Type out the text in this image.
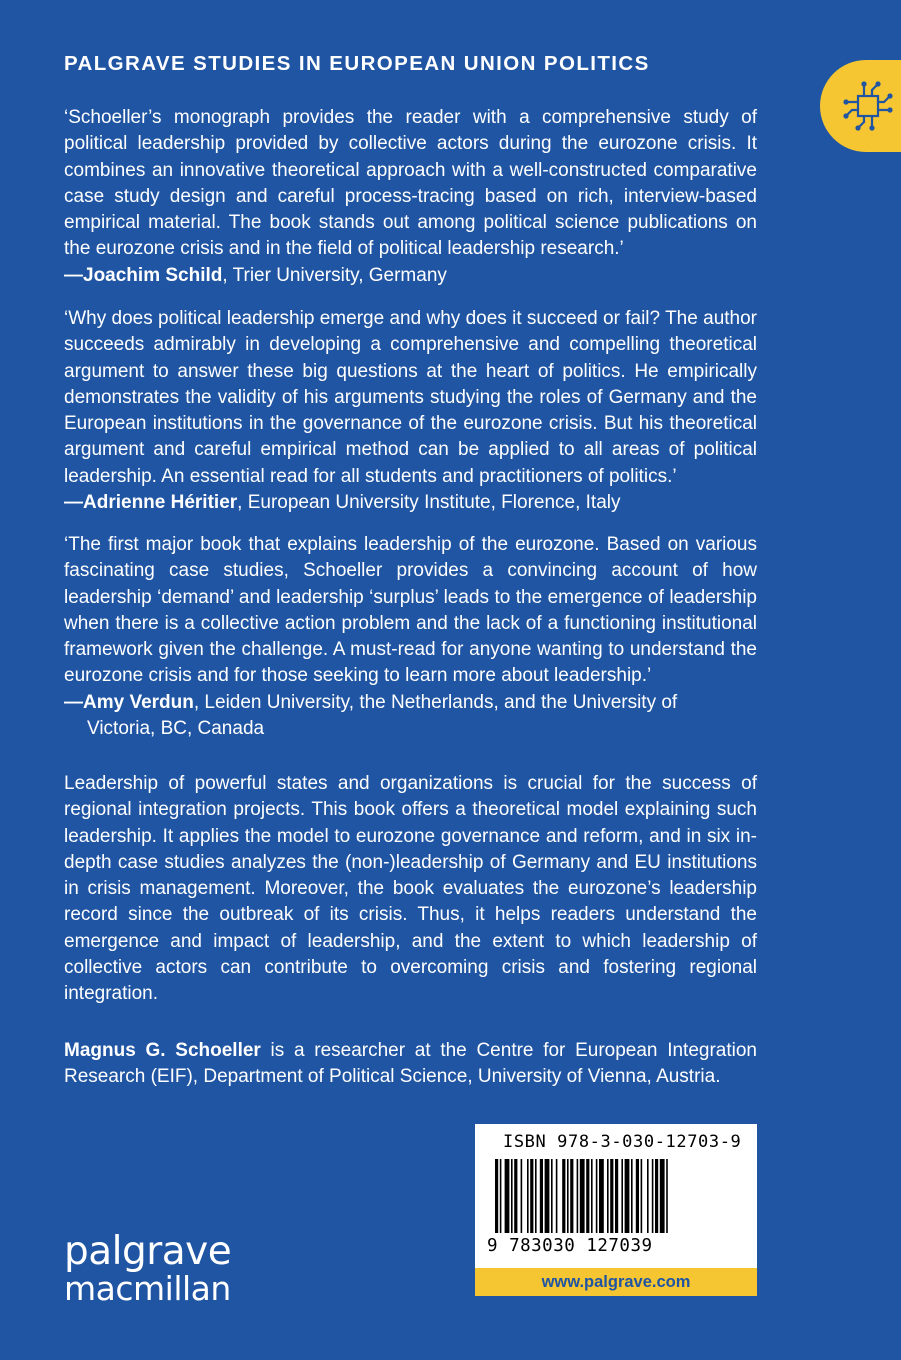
PALGRAVE STUDIES IN EUROPEAN UNION POLITICS

‘Schoeller’s monograph provides the reader with a comprehensive study of political leadership provided by collective actors during the eurozone crisis. It combines an innovative theoretical approach with a well-constructed comparative case study design and careful process-tracing based on rich, interview-based empirical material. The book stands out among political science publications on the eurozone crisis and in the field of political leadership research.’

—Joachim Schild, Trier University, Germany

‘Why does political leadership emerge and why does it succeed or fail? The author succeeds admirably in developing a comprehensive and compelling theoretical argument to answer these big questions at the heart of politics. He empirically demonstrates the validity of his arguments studying the roles of Germany and the European institutions in the governance of the eurozone crisis. But his theoretical argument and careful empirical method can be applied to all areas of political leadership. An essential read for all students and practitioners of politics.’

—Adrienne Héritier, European University Institute, Florence, Italy

‘The first major book that explains leadership of the eurozone. Based on various fascinating case studies, Schoeller provides a convincing account of how leadership ‘demand’ and leadership ‘surplus’ leads to the emergence of leadership when there is a collective action problem and the lack of a functioning institutional framework given the challenge. A must-read for anyone wanting to understand the eurozone crisis and for those seeking to learn more about leadership.’

—Amy Verdun, Leiden University, the Netherlands, and the University of

Victoria, BC, Canada

Leadership of powerful states and organizations is crucial for the success of regional integration projects. This book offers a theoretical model explaining such leadership. It applies the model to eurozone governance and reform, and in six in-depth case studies analyzes the (non-)leadership of Germany and EU institutions in crisis management. Moreover, the book evaluates the eurozone’s leadership record since the outbreak of its crisis. Thus, it helps readers understand the emergence and impact of leadership, and the extent to which leadership of collective actors can contribute to overcoming crisis and fostering regional integration.

Magnus G. Schoeller is a researcher at the Centre for European Integration Research (EIF), Department of Political Science, University of Vienna, Austria.

palgrave
macmillan
ISBN 978-3-030-12703-9
9 783030 127039
www.palgrave.com
